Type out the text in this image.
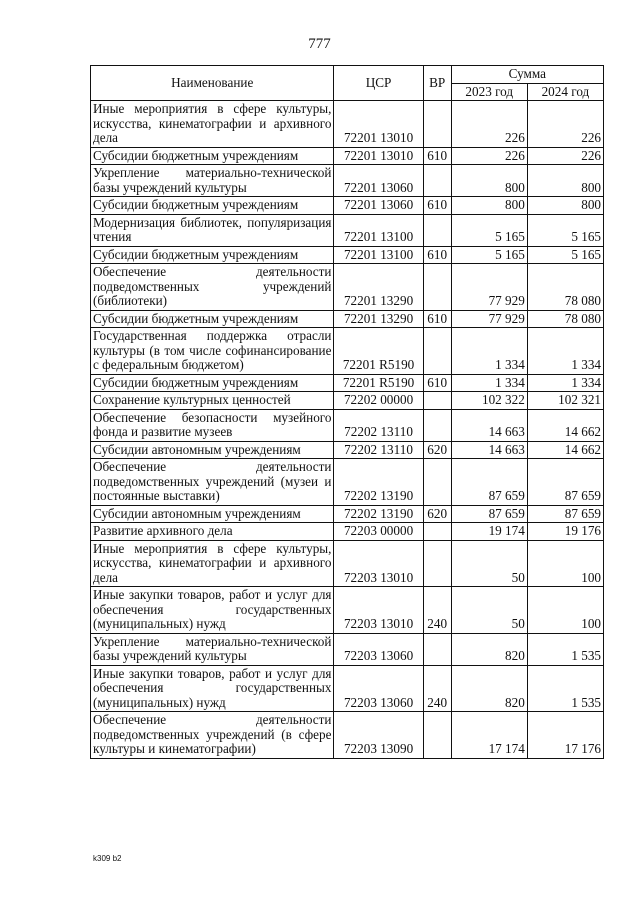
777
Наименование	ЦСР	ВР	Сумма	
			2023 год	2024 год
Иные мероприятия в сфере культуры, искусства, кинематографии и архивного дела	72201 13010		226	226
Субсидии бюджетным учреждениям	72201 13010	610	226	226
Укрепление материально-технической базы учреждений культуры	72201 13060		800	800
Субсидии бюджетным учреждениям	72201 13060	610	800	800
Модернизация библиотек, популяризация чтения	72201 13100		5 165	5 165
Субсидии бюджетным учреждениям	72201 13100	610	5 165	5 165
Обеспечение деятельности подведомственных учреждений (библиотеки)	72201 13290		77 929	78 080
Субсидии бюджетным учреждениям	72201 13290	610	77 929	78 080
Государственная поддержка отрасли культуры (в том числе софинансирование с федеральным бюджетом)	72201 R5190		1 334	1 334
Субсидии бюджетным учреждениям	72201 R5190	610	1 334	1 334
Сохранение культурных ценностей	72202 00000		102 322	102 321
Обеспечение безопасности музейного фонда и развитие музеев	72202 13110		14 663	14 662
Субсидии автономным учреждениям	72202 13110	620	14 663	14 662
Обеспечение деятельности подведомственных учреждений (музеи и постоянные выставки)	72202 13190		87 659	87 659
Субсидии автономным учреждениям	72202 13190	620	87 659	87 659
Развитие архивного дела	72203 00000		19 174	19 176
Иные мероприятия в сфере культуры, искусства, кинематографии и архивного дела	72203 13010		50	100
Иные закупки товаров, работ и услуг для обеспечения государственных (муниципальных) нужд	72203 13010	240	50	100
Укрепление материально-технической базы учреждений культуры	72203 13060		820	1 535
Иные закупки товаров, работ и услуг для обеспечения государственных (муниципальных) нужд	72203 13060	240	820	1 535
Обеспечение деятельности подведомственных учреждений (в сфере культуры и кинематографии)	72203 13090		17 174	17 176
k309 b2
